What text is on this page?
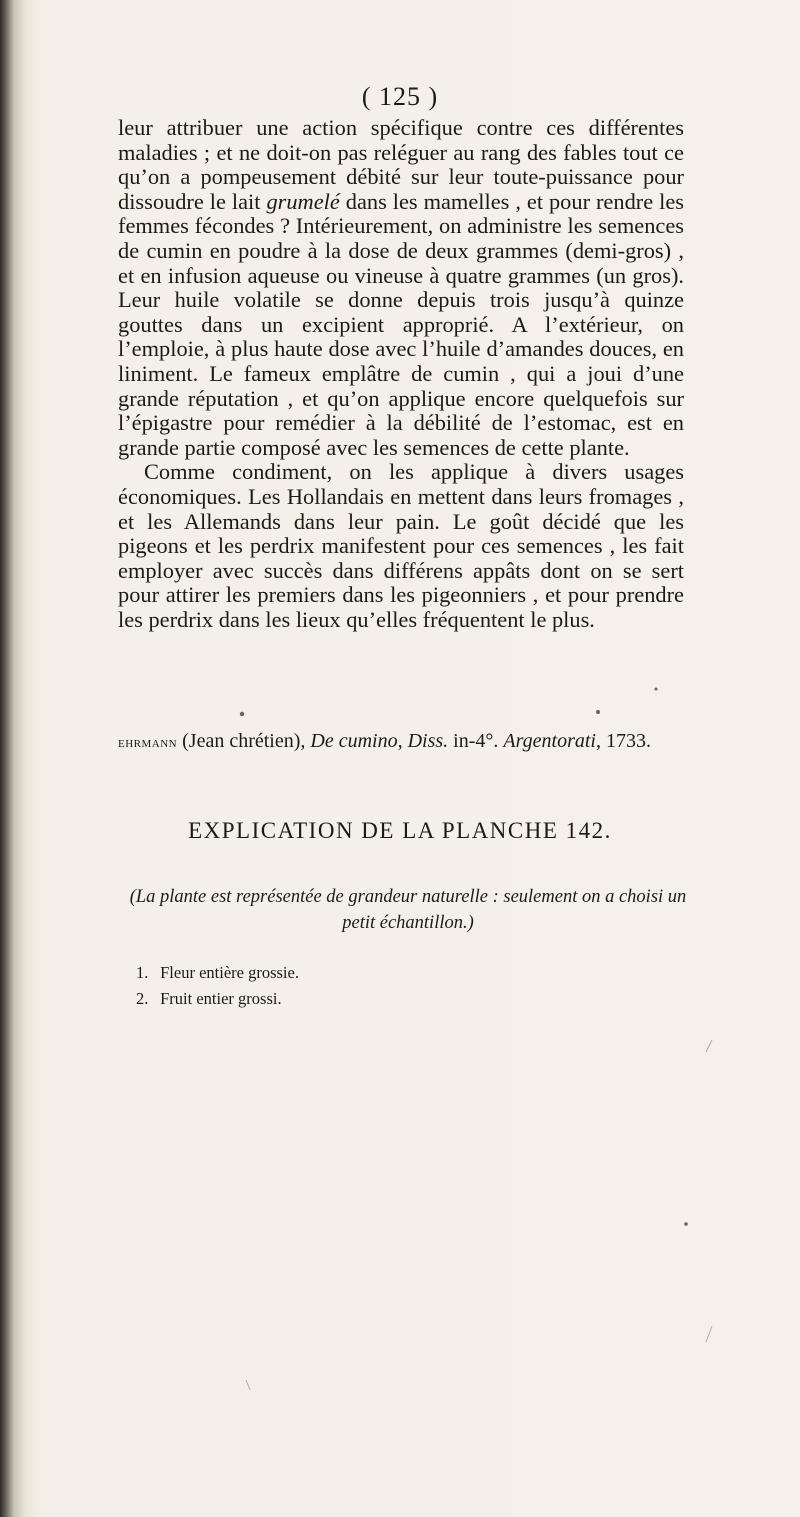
( 125 )

leur attribuer une action spécifique contre ces différentes maladies ; et ne doit-on pas reléguer au rang des fables tout ce qu’on a pompeusement débité sur leur toute-puissance pour dissoudre le lait grumelé dans les mamelles , et pour rendre les femmes fécondes ? Intérieurement, on administre les semences de cumin en poudre à la dose de deux grammes (demi-gros) , et en infusion aqueuse ou vineuse à quatre grammes (un gros). Leur huile volatile se donne depuis trois jusqu’à quinze gouttes dans un excipient approprié. A l’extérieur, on l’emploie, à plus haute dose avec l’huile d’amandes douces, en liniment. Le fameux emplâtre de cumin , qui a joui d’une grande réputation , et qu’on applique encore quelquefois sur l’épigastre pour remédier à la débilité de l’estomac, est en grande partie composé avec les semences de cette plante.

Comme condiment, on les applique à divers usages économiques. Les Hollandais en mettent dans leurs fromages , et les Allemands dans leur pain. Le goût décidé que les pigeons et les perdrix manifestent pour ces semences , les fait employer avec succès dans différens appâts dont on se sert pour attirer les premiers dans les pigeonniers , et pour prendre les perdrix dans les lieux qu’elles fréquentent le plus.

ehrmann (Jean chrétien), De cumino, Diss. in-4°. Argentorati, 1733.
EXPLICATION DE LA PLANCHE 142.
(La plante est représentée de grandeur naturelle : seulement on a choisi un
petit échantillon.)
1. Fleur entière grossie.
2. Fruit entier grossi.
